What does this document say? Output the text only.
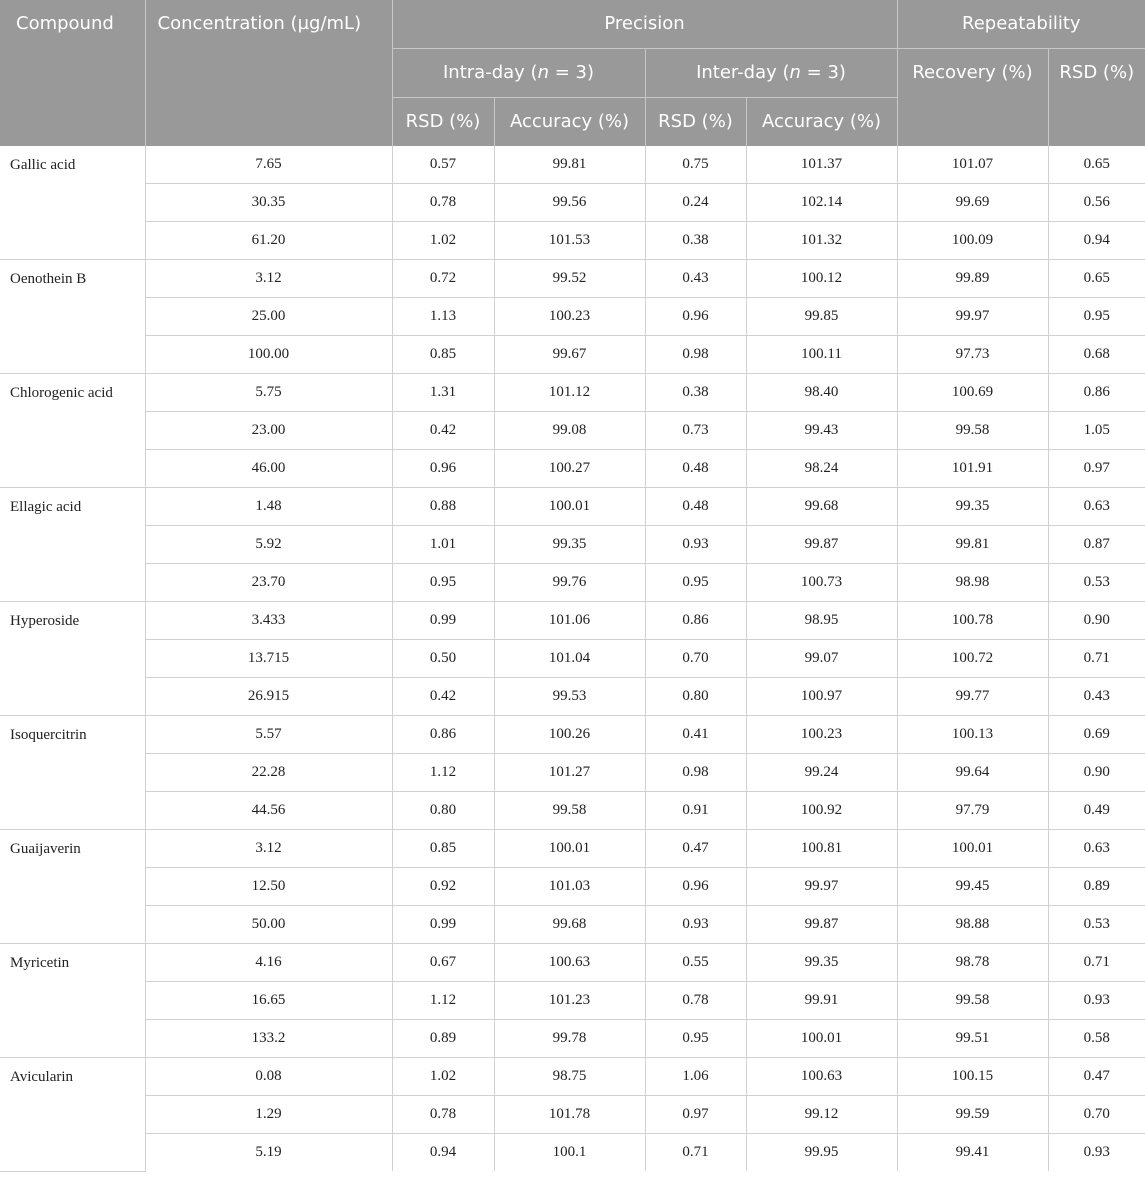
Compound	Concentration (µg/mL)	Precision				Repeatability	
		Intra-day (n = 3)		Inter-day (n = 3)		Recovery (%)	RSD (%)
		RSD (%)	Accuracy (%)	RSD (%)	Accuracy (%)		
Gallic acid	7.65	0.57	99.81	0.75	101.37	101.07	0.65
	30.35	0.78	99.56	0.24	102.14	99.69	0.56
	61.20	1.02	101.53	0.38	101.32	100.09	0.94
Oenothein B	3.12	0.72	99.52	0.43	100.12	99.89	0.65
	25.00	1.13	100.23	0.96	99.85	99.97	0.95
	100.00	0.85	99.67	0.98	100.11	97.73	0.68
Chlorogenic acid	5.75	1.31	101.12	0.38	98.40	100.69	0.86
	23.00	0.42	99.08	0.73	99.43	99.58	1.05
	46.00	0.96	100.27	0.48	98.24	101.91	0.97
Ellagic acid	1.48	0.88	100.01	0.48	99.68	99.35	0.63
	5.92	1.01	99.35	0.93	99.87	99.81	0.87
	23.70	0.95	99.76	0.95	100.73	98.98	0.53
Hyperoside	3.433	0.99	101.06	0.86	98.95	100.78	0.90
	13.715	0.50	101.04	0.70	99.07	100.72	0.71
	26.915	0.42	99.53	0.80	100.97	99.77	0.43
Isoquercitrin	5.57	0.86	100.26	0.41	100.23	100.13	0.69
	22.28	1.12	101.27	0.98	99.24	99.64	0.90
	44.56	0.80	99.58	0.91	100.92	97.79	0.49
Guaijaverin	3.12	0.85	100.01	0.47	100.81	100.01	0.63
	12.50	0.92	101.03	0.96	99.97	99.45	0.89
	50.00	0.99	99.68	0.93	99.87	98.88	0.53
Myricetin	4.16	0.67	100.63	0.55	99.35	98.78	0.71
	16.65	1.12	101.23	0.78	99.91	99.58	0.93
	133.2	0.89	99.78	0.95	100.01	99.51	0.58
Avicularin	0.08	1.02	98.75	1.06	100.63	100.15	0.47
	1.29	0.78	101.78	0.97	99.12	99.59	0.70
	5.19	0.94	100.1	0.71	99.95	99.41	0.93
